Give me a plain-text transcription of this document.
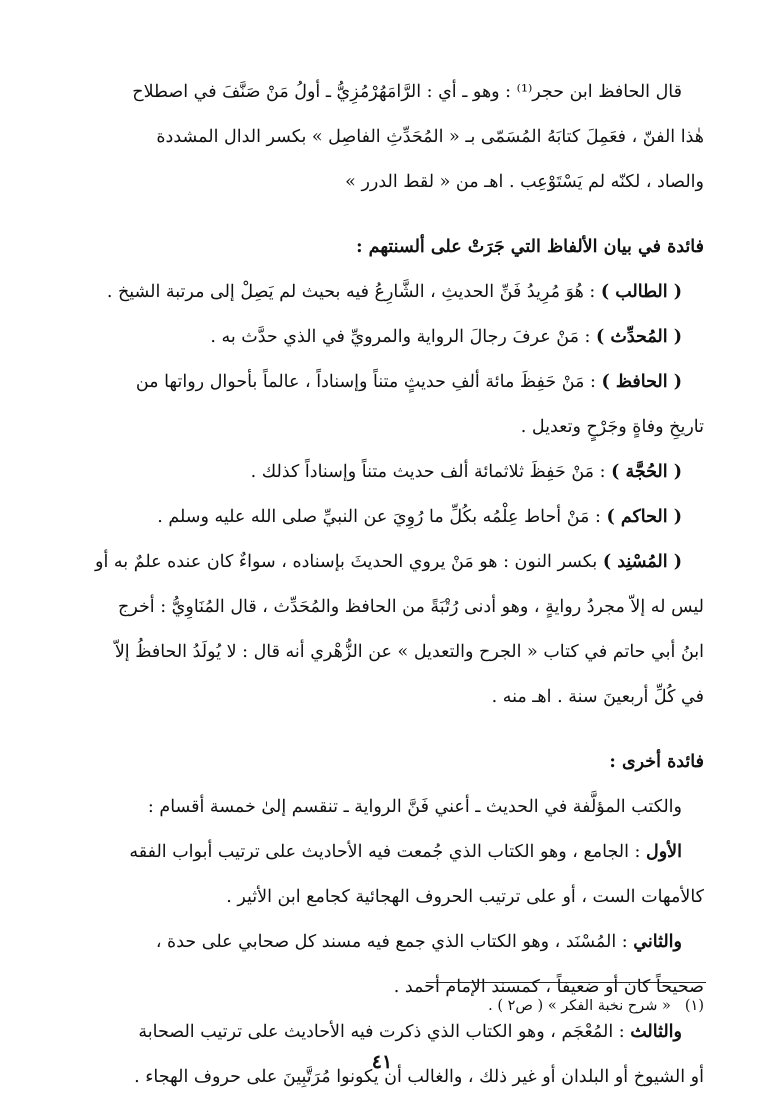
قال الحافظ ابن حجر⁽¹⁾ : وهو ـ أي : الرَّامَهُرْمُزِيُّ ـ أولُ مَنْ صَنَّفَ في اصطلاح
هٰذا الفنّ ، فعَمِلَ كتابَهُ المُسَمّى بـ « المُحَدِّثِ الفاصِل » بكسر الدال المشددة
والصاد ، لكنّه لم يَسْتَوْعِب . اهـ من « لقط الدرر »
فائدة في بيان الألفاظ التي جَرَتْ على ألسنتهم :
( الطالب ) : هُوَ مُرِيدُ فَنِّ الحديثِ ، الشَّارِعُ فيه بحيث لم يَصِلْ إلى مرتبة الشيخ .
( المُحدِّث ) : مَنْ عرفَ رجالَ الرواية والمرويِّ في الذي حدَّث به .
( الحافظ ) : مَنْ حَفِظَ مائة ألفِ حديثٍ متناً وإسناداً ، عالماً بأحوال رواتها من
تاريخِ وفاةٍ وجَرْحٍ وتعديل .
( الحُجَّة ) : مَنْ حَفِظَ ثلاثمائة ألف حديث متناً وإسناداً كذلك .
( الحاكم ) : مَنْ أحاط عِلْمُه بكُلِّ ما رُوِيَ عن النبيِّ صلى الله عليه وسلم .
( المُسْنِد ) بكسر النون : هو مَنْ يروي الحديثَ بإسناده ، سواءٌ كان عنده علمٌ به أو
ليس له إلاّ مجردُ روايةٍ ، وهو أدنى رُتْبَةً من الحافظ والمُحَدِّث ، قال المُنَاوِيُّ : أخرج
ابنُ أبي حاتم في كتاب « الجرح والتعديل » عن الزُّهْري أنه قال : لا يُولَدُ الحافظُ إلاّ
في كُلِّ أربعينَ سنة . اهـ منه .
فائدة أخرى :
والكتب المؤلَّفة في الحديث ـ أعني فَنَّ الرواية ـ تنقسم إلىٰ خمسة أقسام :
الأول : الجامع ، وهو الكتاب الذي جُمعت فيه الأحاديث على ترتيب أبواب الفقه
كالأمهات الست ، أو على ترتيب الحروف الهجائية كجامع ابن الأثير .
والثاني : المُسْنَد ، وهو الكتاب الذي جمع فيه مسند كل صحابي على حدة ،
صحيحاً كان أو ضعيفاً ، كمسند الإمام أحمد .
والثالث : المُعْجَم ، وهو الكتاب الذي ذكرت فيه الأحاديث على ترتيب الصحابة
أو الشيوخ أو البلدان أو غير ذلك ، والغالب أن يكونوا مُرَتَّبِينَ على حروف الهجاء .
(١)« شرح نخبة الفكر » ( ص٢ ) .
٤١
